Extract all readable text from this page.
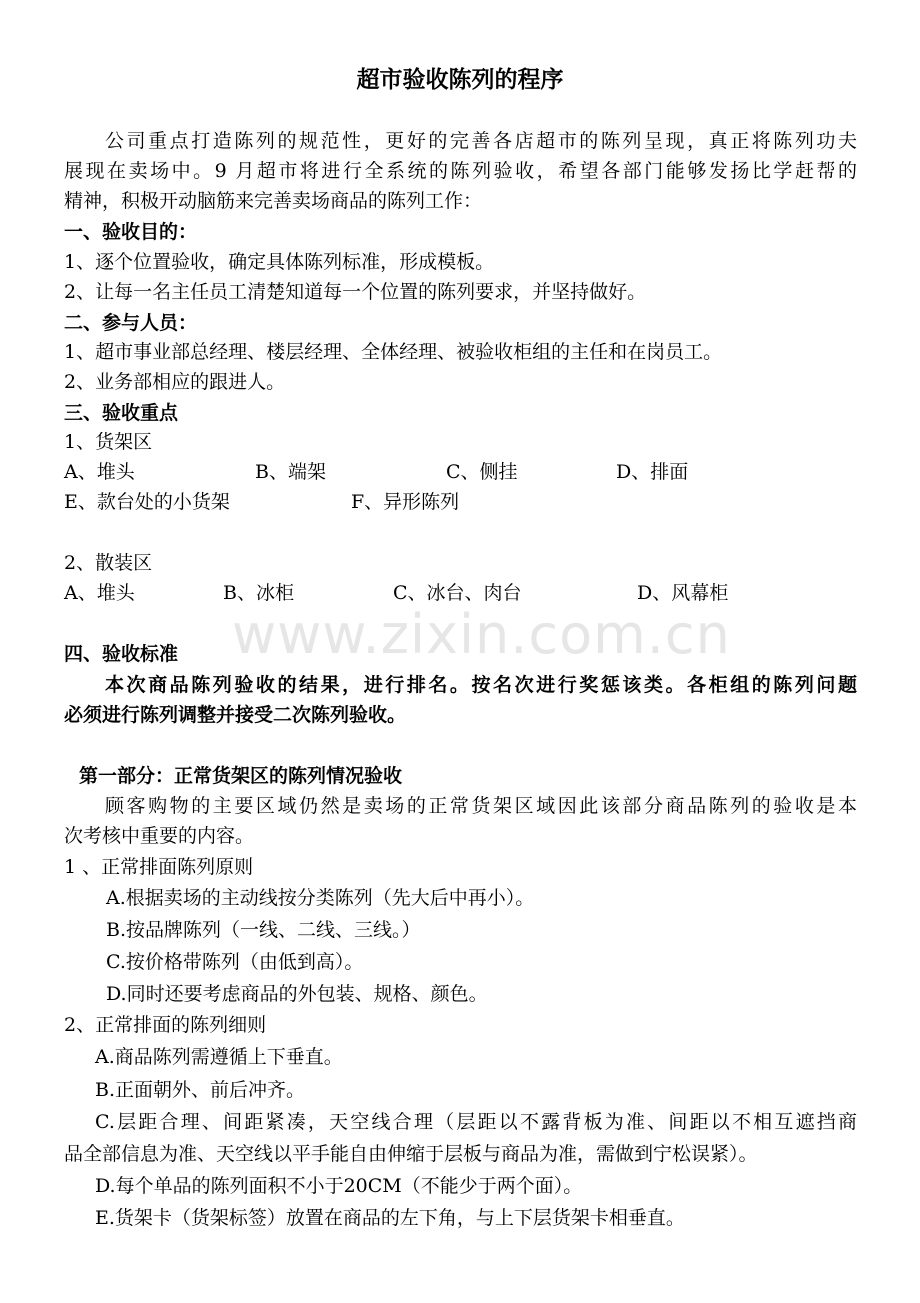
www.zixin.com.cn
超市验收陈列的程序
公司重点打造陈列的规范性，更好的完善各店超市的陈列呈现，真正将陈列功夫
展现在卖场中。9 月超市将进行全系统的陈列验收，希望各部门能够发扬比学赶帮的
精神，积极开动脑筋来完善卖场商品的陈列工作：
一、验收目的：
1、逐个位置验收，确定具体陈列标准，形成模板。
2、让每一名主任员工清楚知道每一个位置的陈列要求，并坚持做好。
二、参与人员：
1、超市事业部总经理、楼层经理、全体经理、被验收柜组的主任和在岗员工。
2、业务部相应的跟进人。
三、验收重点
1、货架区
A、堆头	B、端架	C、侧挂	D、排面
E、款台处的小货架	F、异形陈列
2、散装区
A、堆头	B、冰柜	C、冰台、肉台	D、风幕柜
四、验收标准
本次商品陈列验收的结果，进行排名。按名次进行奖惩该类。各柜组的陈列问题
必须进行陈列调整并接受二次陈列验收。
第一部分：正常货架区的陈列情况验收
顾客购物的主要区域仍然是卖场的正常货架区域因此该部分商品陈列的验收是本
次考核中重要的内容。
1 、正常排面陈列原则
A.根据卖场的主动线按分类陈列（先大后中再小）。
B.按品牌陈列（一线、二线、三线。）
C.按价格带陈列（由低到高）。
D.同时还要考虑商品的外包装、规格、颜色。
2、正常排面的陈列细则
A.商品陈列需遵循上下垂直。
B.正面朝外、前后冲齐。
C.层距合理、间距紧凑，天空线合理（层距以不露背板为准、间距以不相互遮挡商
品全部信息为准、天空线以平手能自由伸缩于层板与商品为准，需做到宁松误紧）。
D.每个单品的陈列面积不小于20CM（不能少于两个面）。
E.货架卡（货架标签）放置在商品的左下角，与上下层货架卡相垂直。
